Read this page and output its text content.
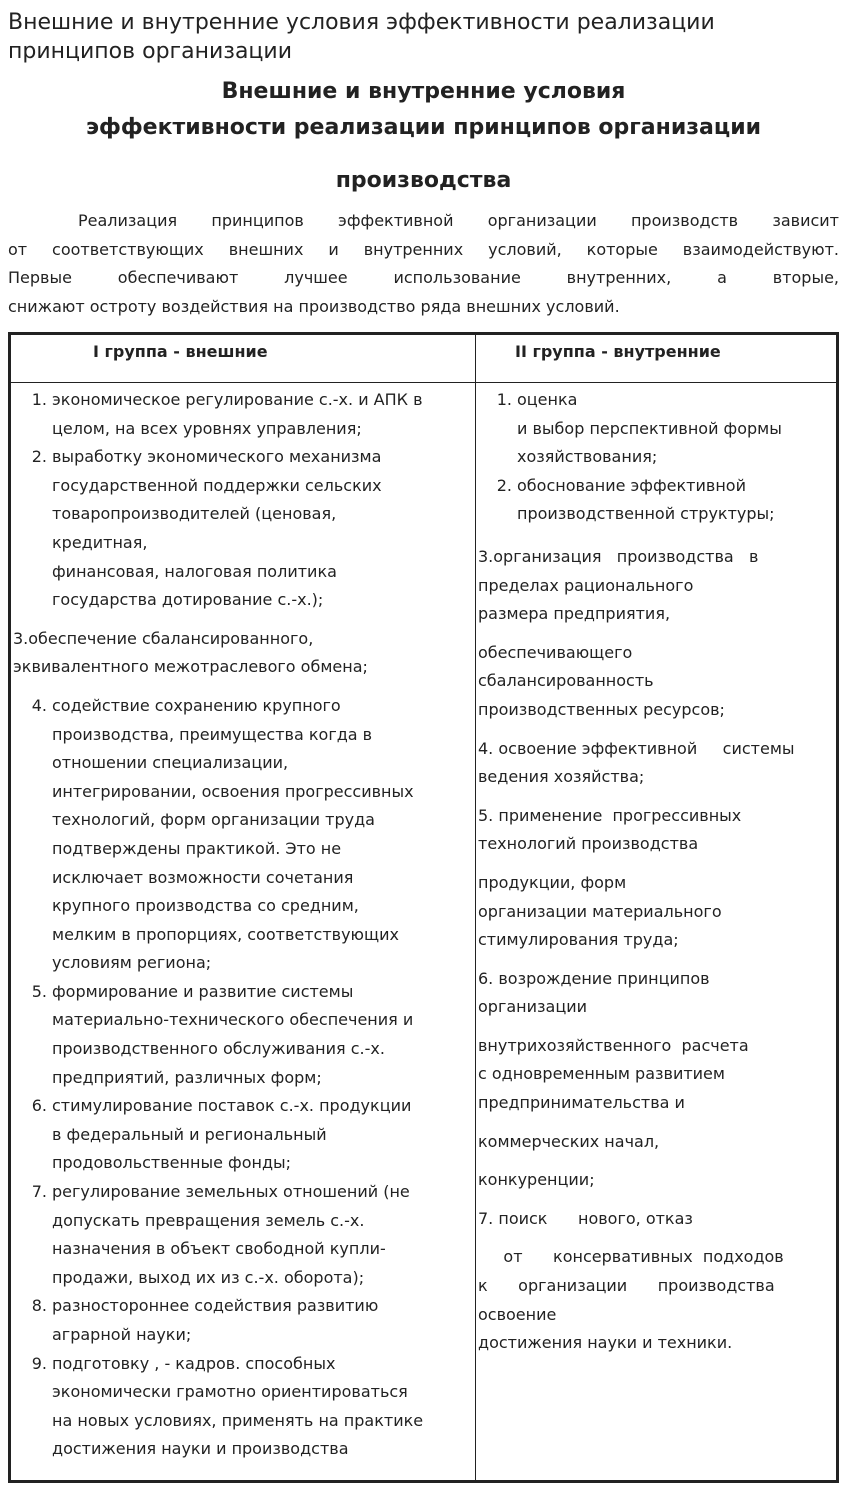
Внешние и внутренние условия эффективности реализации
принципов организации
Внешние и внутренние условия
эффективности реализации принципов организации
производства
Реализация принципов эффективной организации производств зависит
от соответствующих внешних и внутренних условий, которые взаимодействуют.
Первые обеспечивают лучшее использование внутренних, а вторые,
снижают остроту воздействия на производство ряда внешних условий.
I группа - внешние	II группа - внутренние
1. экономическое регулирование с.-х. и АПК в
целом, на всех уровнях управления;
2. выработку экономического механизма
государственной поддержки сельских
товаропроизводителей (ценовая,
кредитная,
финансовая, налоговая политика
государства дотирование с.-х.);
3.обеспечение сбалансированного,
эквивалентного межотраслевого обмена;
4. содействие сохранению крупного
производства, преимущества когда в
отношении специализации,
интегрировании, освоения прогрессивных
технологий, форм организации труда
подтверждены практикой. Это не
исключает возможности сочетания
крупного производства со средним,
мелким в пропорциях, соответствующих
условиям региона;
5. формирование и развитие системы
материально-технического обеспечения и
производственного обслуживания с.-х.
предприятий, различных форм;
6. стимулирование поставок с.-х. продукции
в федеральный и региональный
продовольственные фонды;
7. регулирование земельных отношений (не
допускать превращения земель с.-х.
назначения в объект свободной купли-
продажи, выход их из с.-х. оборота);
8. разностороннее содействия развитию
аграрной науки;
9. подготовку , - кадров. способных
экономически грамотно ориентироваться
на новых условиях, применять на практике
достижения науки и производства
1. оценка
и выбор перспективной формы
хозяйствования;
2. обоснование эффективной
производственной структуры;
3.организация   производства   в
пределах рационального
размера предприятия,
обеспечивающего
сбалансированность
производственных ресурсов;
4. освоение эффективной     системы
ведения хозяйства;
5. применение  прогрессивных
технологий производства
продукции, форм
организации материального
стимулирования труда;
6. возрождение принципов
организации
внутрихозяйственного  расчета
с одновременным развитием
предпринимательства и
коммерческих начал,
конкуренции;
7. поиск      нового, отказ
от      консервативных  подходов
к      организации      производства
освоение
достижения науки и техники.
